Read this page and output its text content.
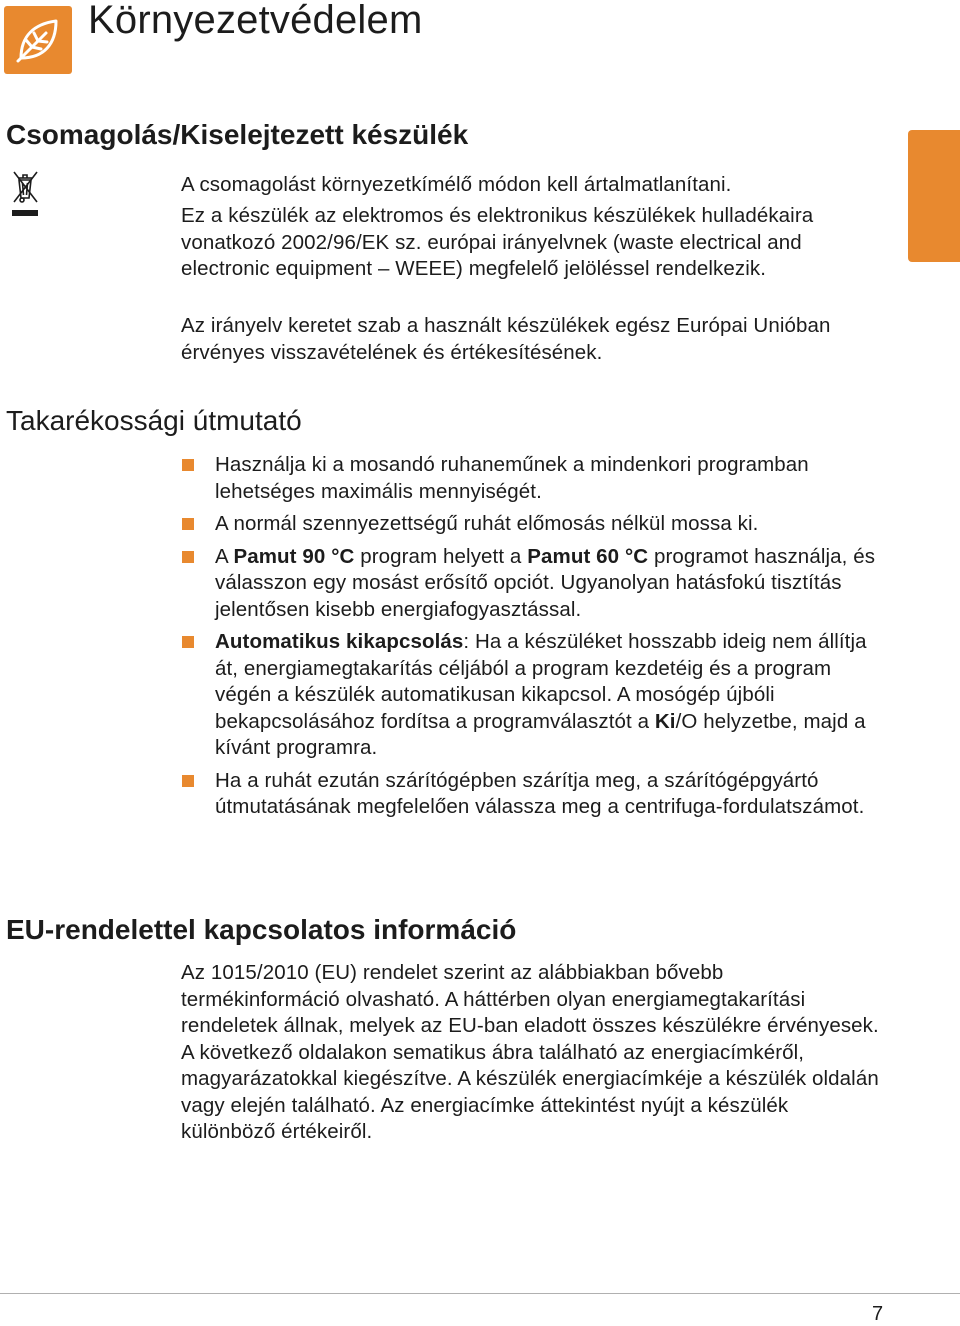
Környezetvédelem
Csomagolás/Kiselejtezett készülék

A csomagolást környezetkímélő módon kell ártalmatlanítani.

Ez a készülék az elektromos és elektronikus készülékek hulladékaira vonatkozó 2002/96/EK sz. európai irányelvnek (waste electrical and electronic equipment – WEEE) megfelelő jelöléssel rendelkezik.

Az irányelv keretet szab a használt készülékek egész Európai Unióban érvényes visszavételének és értékesítésének.

Takarékossági útmutató
Használja ki a mosandó ruhaneműnek a mindenkori programban lehetséges maximális mennyiségét.
A normál szennyezettségű ruhát előmosás nélkül mossa ki.
A Pamut 90 °C program helyett a Pamut 60 °C programot használja, és válasszon egy mosást erősítő opciót. Ugyanolyan hatásfokú tisztítás jelentősen kisebb energiafogyasztással.
Automatikus kikapcsolás: Ha a készüléket hosszabb ideig nem állítja át, energiamegtakarítás céljából a program kezdetéig és a program végén a készülék automatikusan kikapcsol. A mosógép újbóli bekapcsolásához fordítsa a programválasztót a Ki/O helyzetbe, majd a kívánt programra.
Ha a ruhát ezután szárítógépben szárítja meg, a szárítógépgyártó útmutatásának megfelelően válassza meg a centrifuga-fordulatszámot.
EU-rendelettel kapcsolatos információ

Az 1015/2010 (EU) rendelet szerint az alábbiakban bővebb termékinformáció olvasható. A háttérben olyan energiamegtakarítási rendeletek állnak, melyek az EU-ban eladott összes készülékre érvényesek. A következő oldalakon sematikus ábra található az energiacímkéről, magyarázatokkal kiegészítve. A készülék energiacímkéje a készülék oldalán vagy elején található. Az energiacímke áttekintést nyújt a készülék különböző értékeiről.

7
